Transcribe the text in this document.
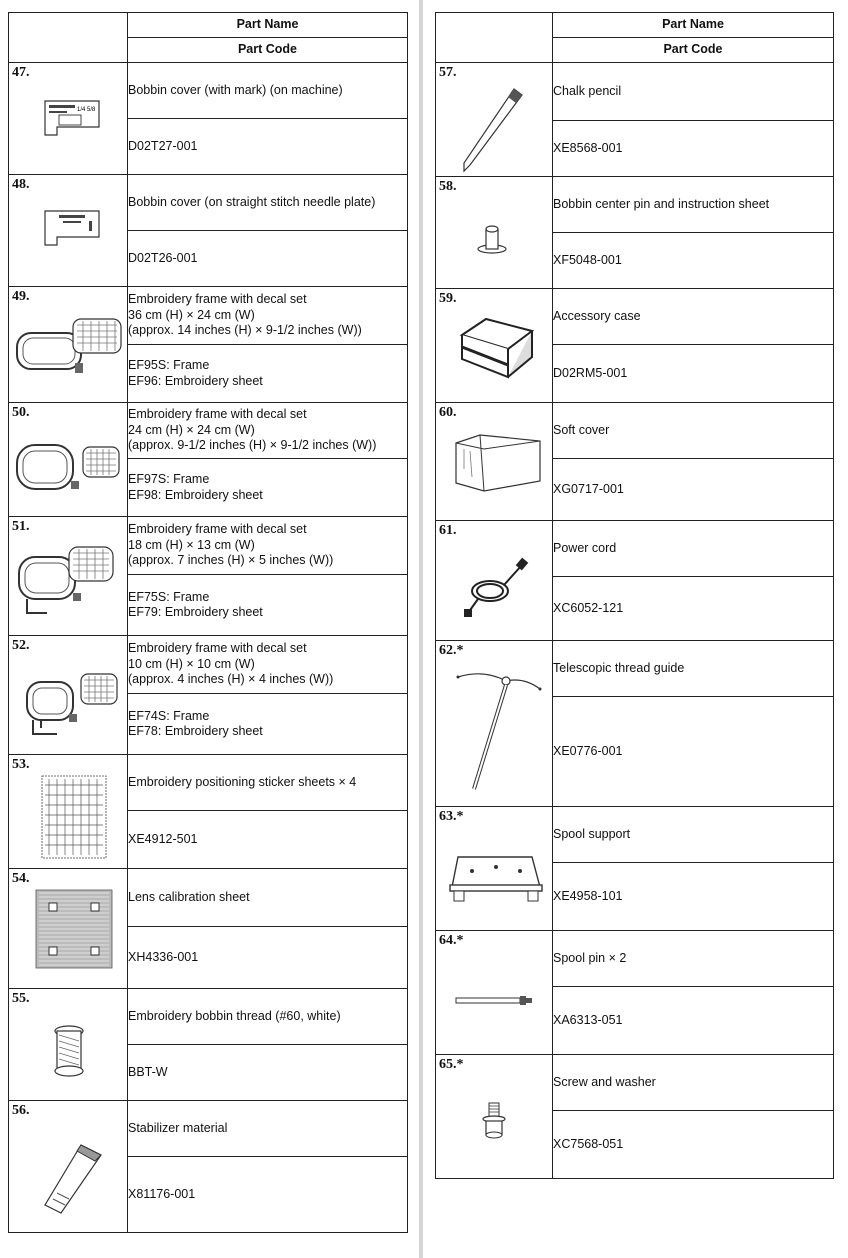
	Part Name
	Part Code

47.
1/4 5/8	Bobbin cover (with mark) (on machine)
	D02T27-001

48.	Bobbin cover (on straight stitch needle plate)
	D02T26-001

49.	Embroidery frame with decal set
36 cm (H) × 24 cm (W)
(approx. 14 inches (H) × 9-1/2 inches (W))

	EF95S: Frame
EF96: Embroidery sheet

50.	Embroidery frame with decal set
24 cm (H) × 24 cm (W)
(approx. 9-1/2 inches (H) × 9-1/2 inches (W))

	EF97S: Frame
EF98: Embroidery sheet

51.	Embroidery frame with decal set
18 cm (H) × 13 cm (W)
(approx. 7 inches (H) × 5 inches (W))

	EF75S: Frame
EF79: Embroidery sheet

52.	Embroidery frame with decal set
10 cm (H) × 10 cm (W)
(approx. 4 inches (H) × 4 inches (W))

	EF74S: Frame
EF78: Embroidery sheet

53.	Embroidery positioning sticker sheets × 4
	XE4912-501

54.	Lens calibration sheet
	XH4336-001

55.	Embroidery bobbin thread (#60, white)
	BBT-W

56.	Stabilizer material
	X81176-001
	Part Name
	Part Code

57.	Chalk pencil
	XE8568-001

58.	Bobbin center pin and instruction sheet
	XF5048-001

59.	Accessory case
	D02RM5-001

60.	Soft cover
	XG0717-001

61.	Power cord
	XC6052-121

62.*	Telescopic thread guide
	XE0776-001

63.*	Spool support
	XE4958-101

64.*	Spool pin × 2
	XA6313-051

65.*	Screw and washer
	XC7568-051
